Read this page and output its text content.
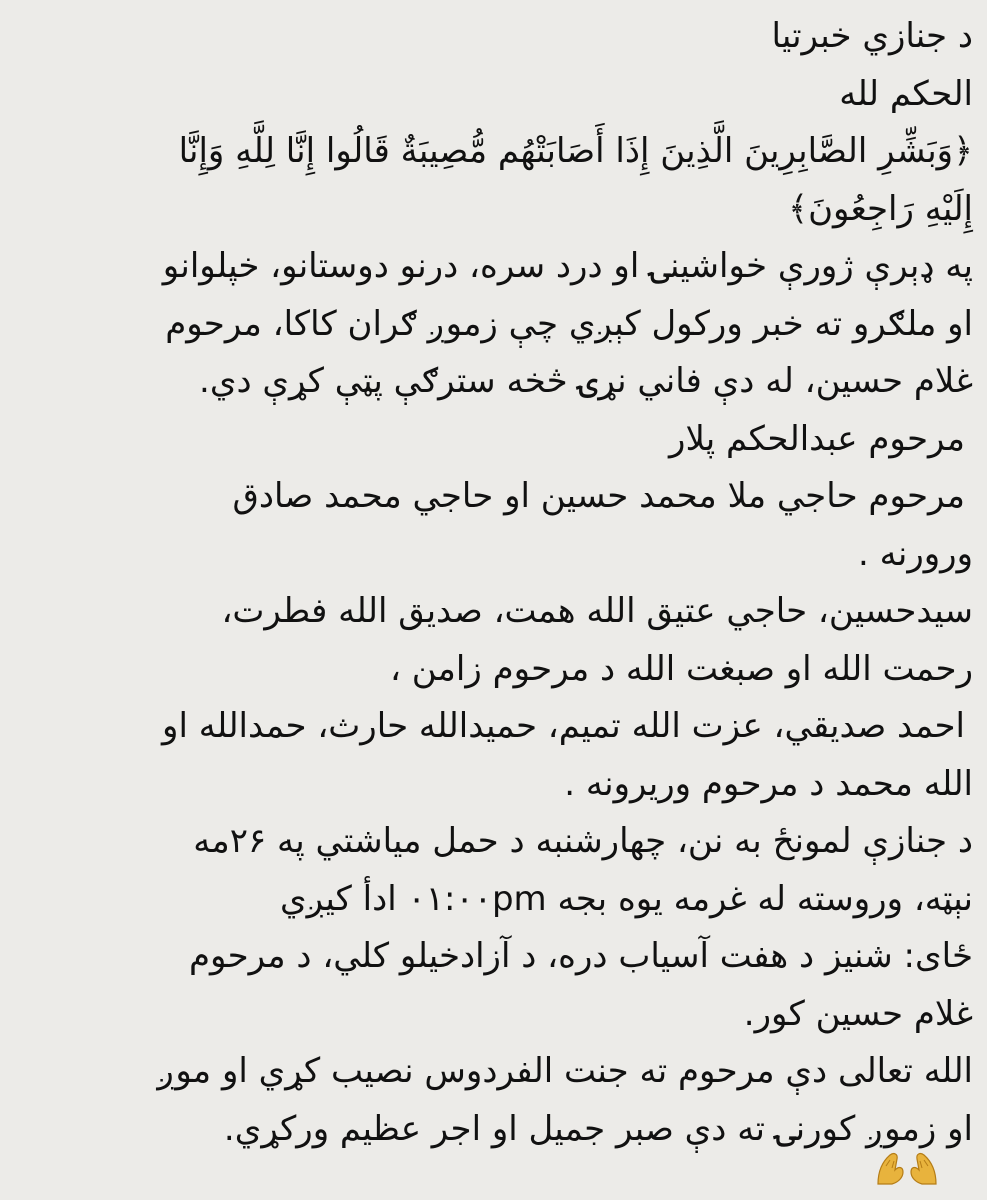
د جنازي خبرتیا
الحکم لله
﴿وَبَشِّرِ الصَّابِرِينَ الَّذِينَ إِذَا أَصَابَتْهُم مُّصِيبَةٌ قَالُوا إِنَّا لِلَّهِ وَإِنَّا
إِلَيْهِ رَاجِعُونَ﴾
په ډېرې ژورې خواشینۍ او درد سره، درنو دوستانو، خپلوانو
او ملګرو ته خبر ورکول کېږي چې زموږ ګران کاکا، مرحوم
غلام حسین، له دې فاني نړۍ څخه سترګې پټې کړې دي.
مرحوم عبدالحکم پلار
مرحوم حاجي ملا محمد حسین او حاجي محمد صادق
ورورنه .
سیدحسین، حاجي عتیق الله همت، صدیق الله فطرت،
رحمت الله او صبغت الله د مرحوم زامن ،
احمد صدیقي، عزت الله تمیم، حمیدالله حارث، حمدالله او
الله محمد د مرحوم وريرونه .
د جنازې لمونځ به نن، چهارشنبه د حمل میاشتي په ۲۶مه
نېټه، وروسته له غرمه یوه بجه ۰۱:۰۰pm ادأ کيږي
ځای: شنیز د هفت آسیاب دره، د آزادخیلو کلي، د مرحوم
غلام حسین کور.
الله تعالی دې مرحوم ته جنت الفردوس نصیب کړي او موږ
او زموږ کورنۍ ته دې صبر جمیل او اجر عظیم ورکړي.
